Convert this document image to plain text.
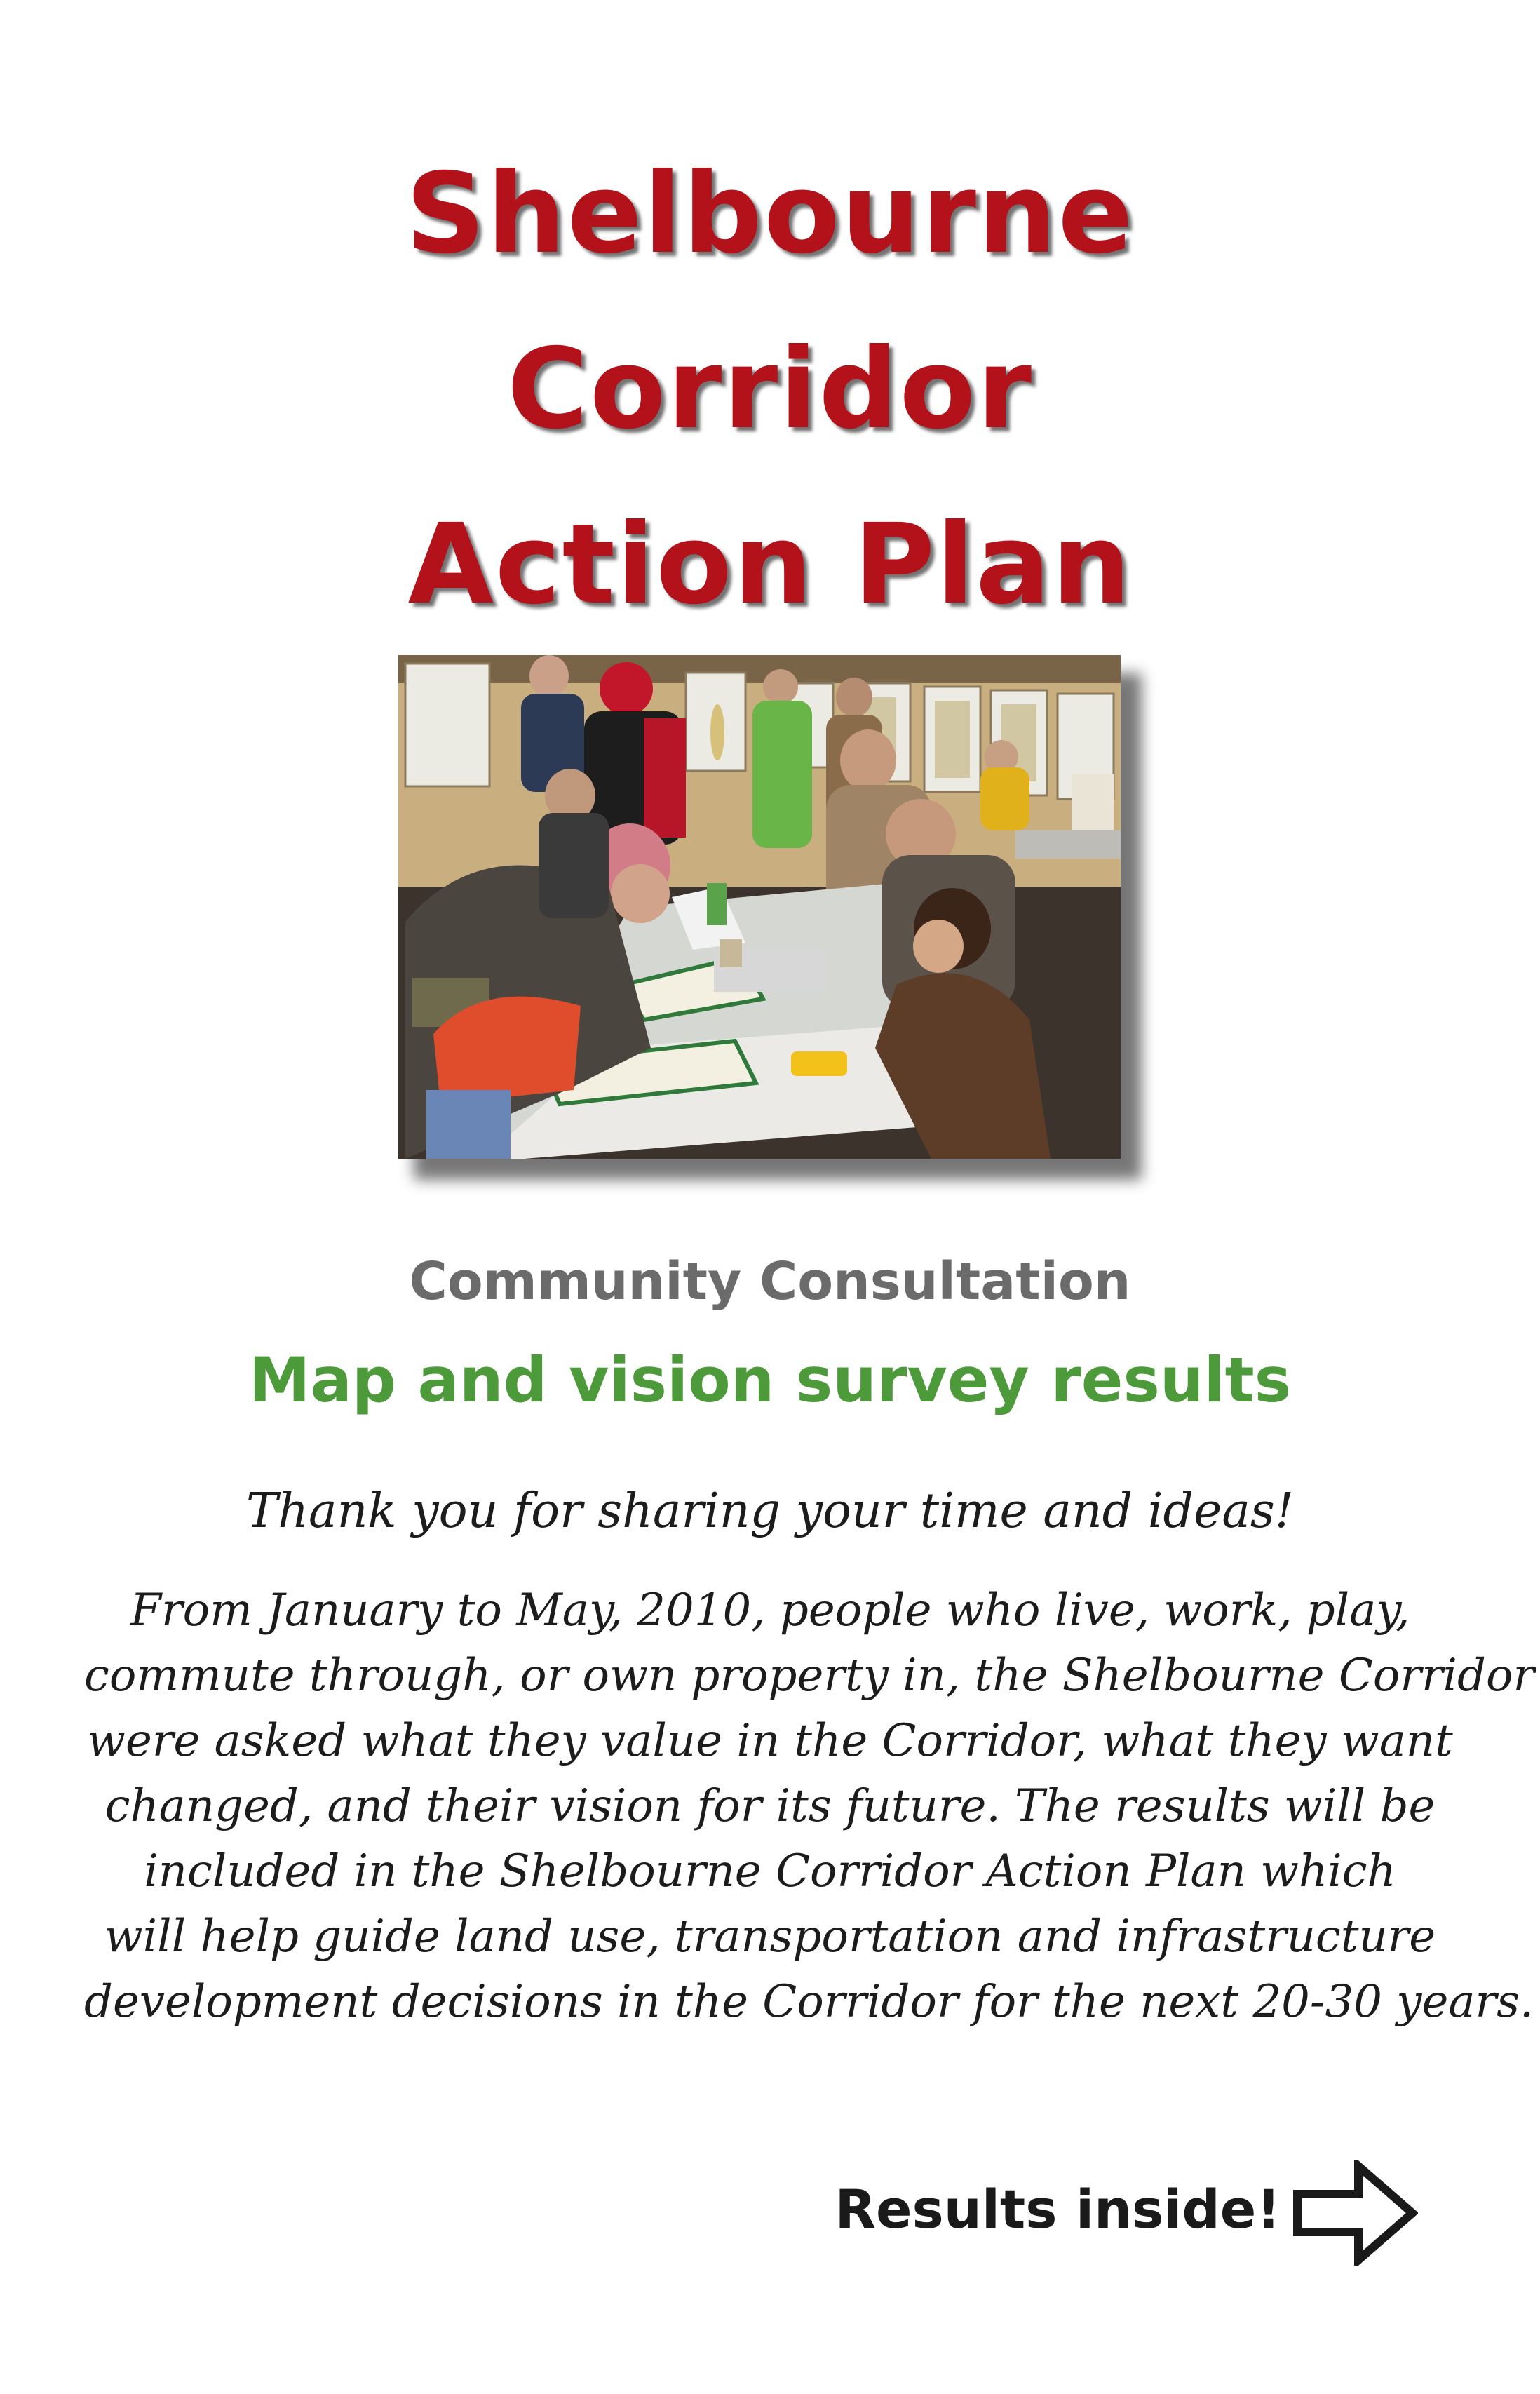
Shelbourne
Corridor
Action Plan
Community Consultation
Map and vision survey results
Thank you for sharing your time and ideas!
From January to May, 2010, people who live, work, play,
commute through, or own property in, the Shelbourne Corridor
were asked what they value in the Corridor, what they want
changed, and their vision for its future. The results will be
included in the Shelbourne Corridor Action Plan which
will help guide land use, transportation and infrastructure
development decisions in the Corridor for the next 20-30 years.
Results inside!
